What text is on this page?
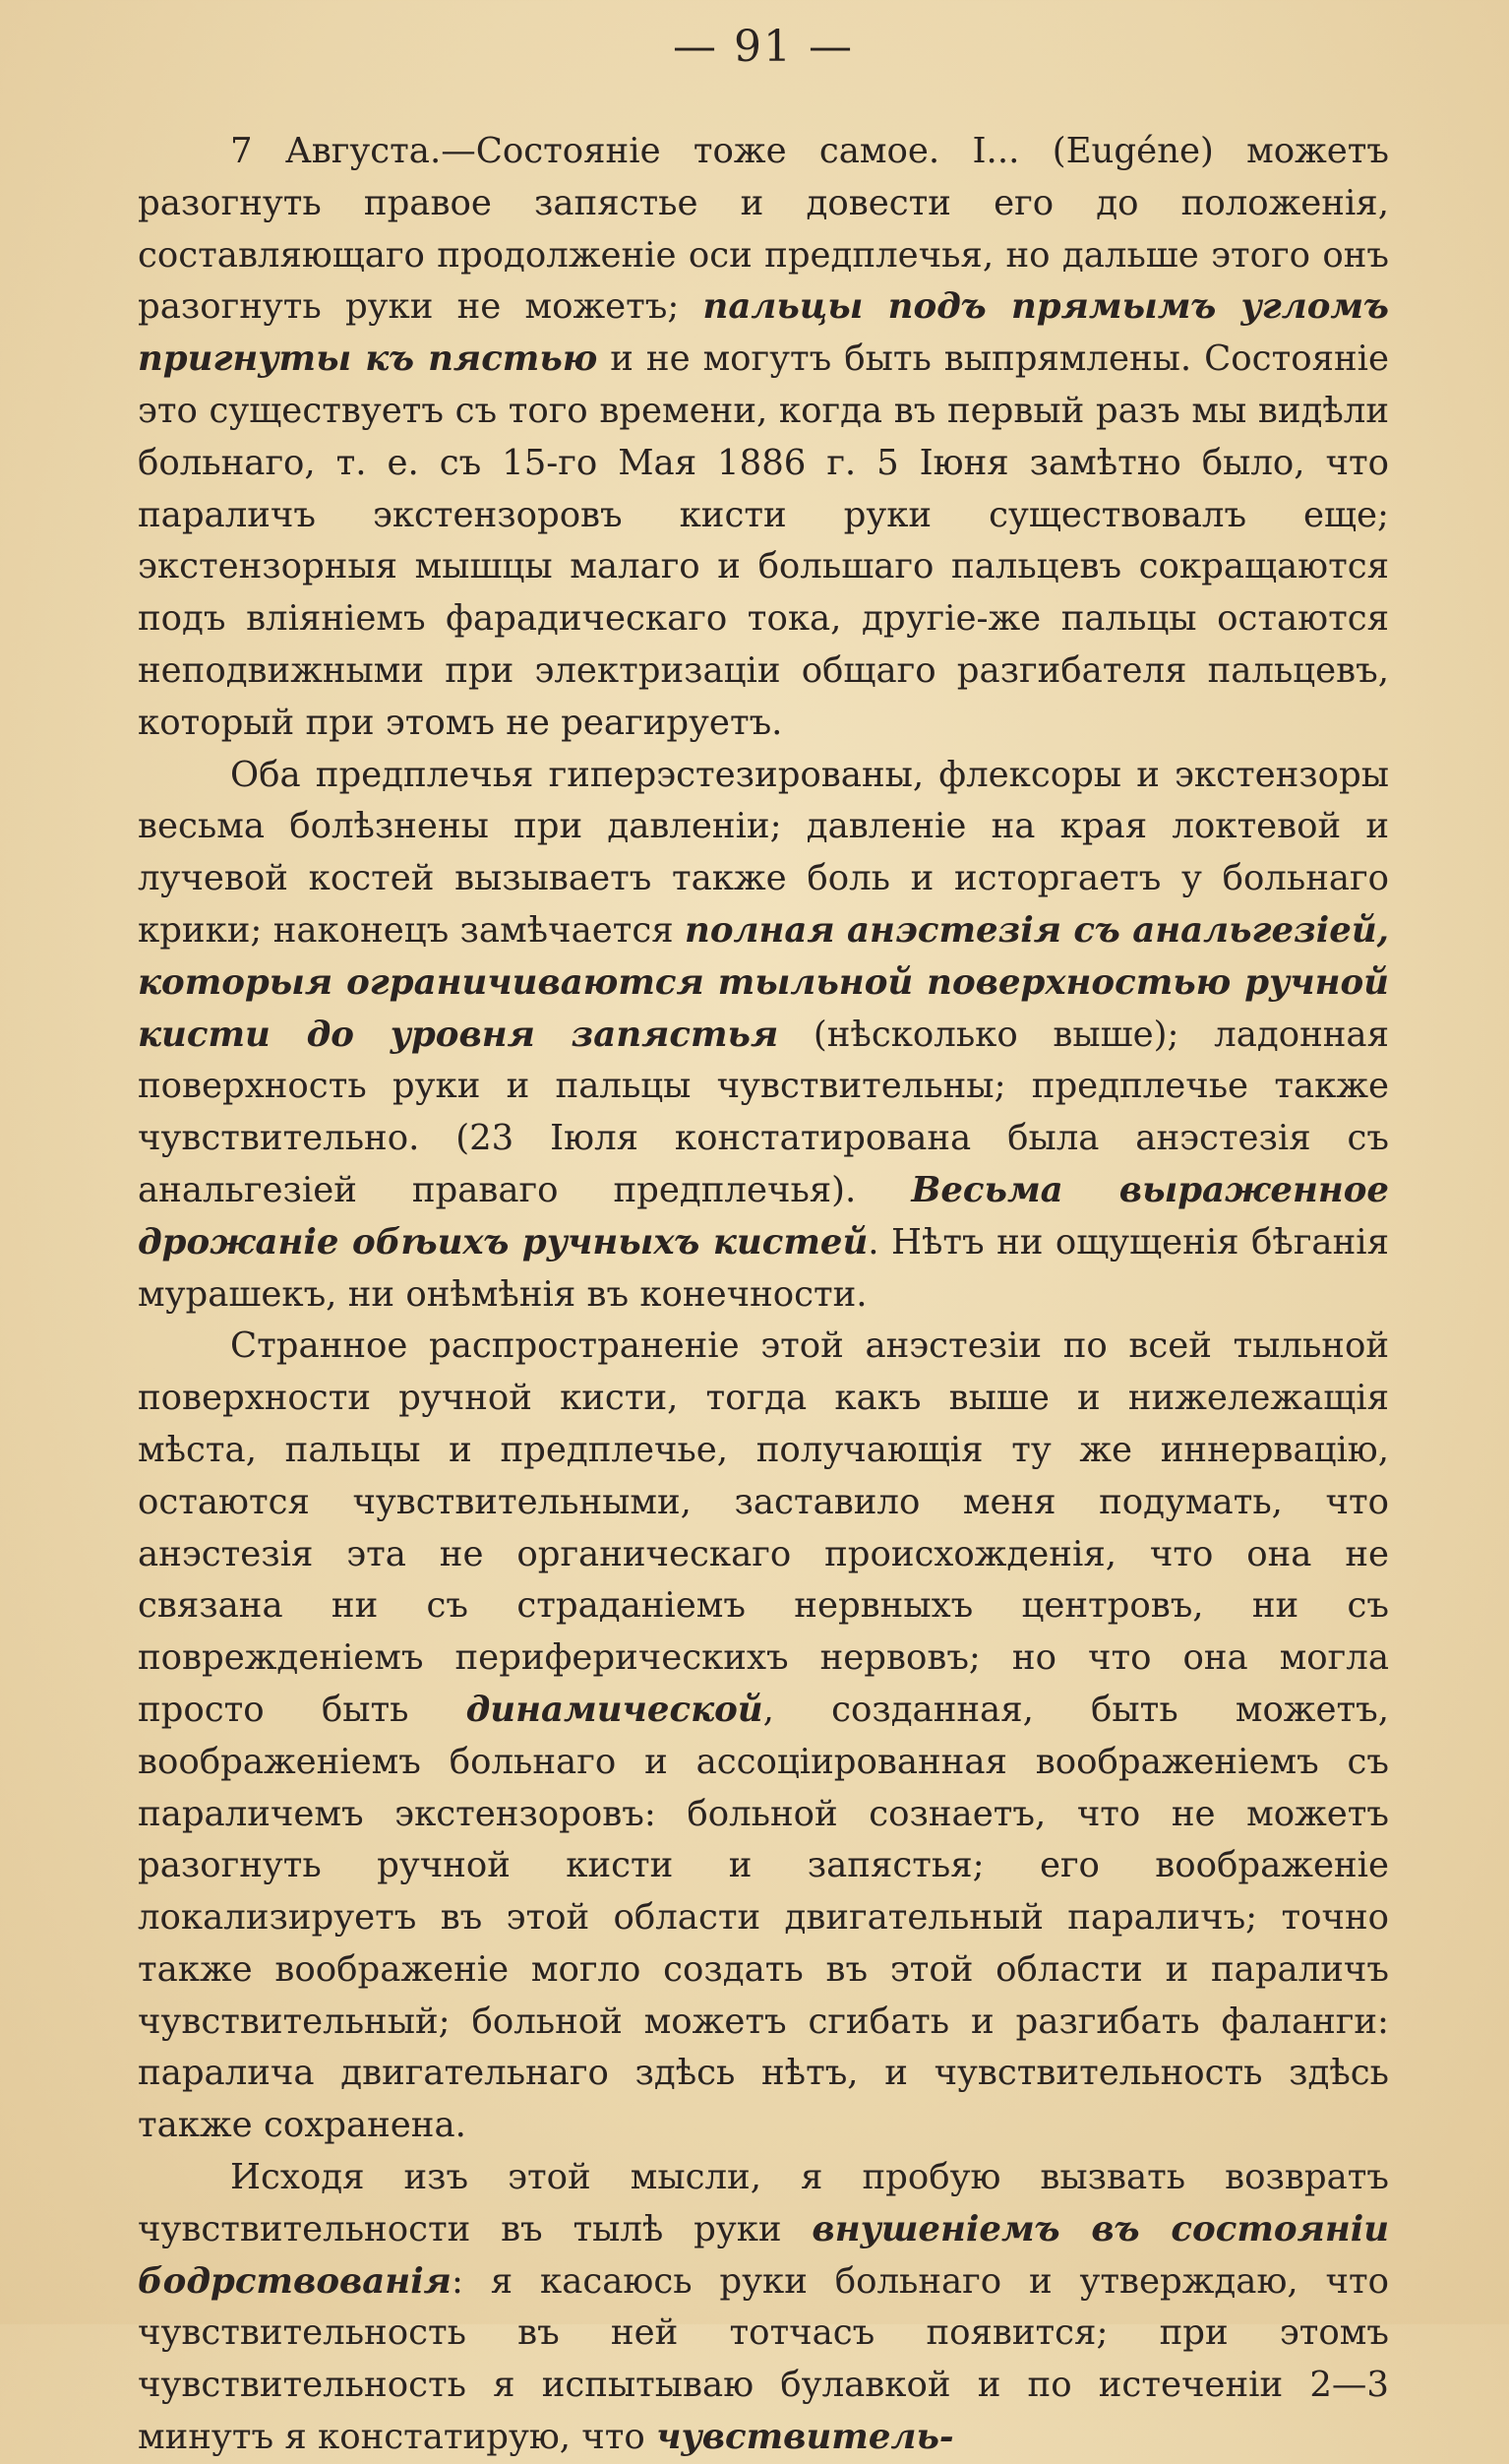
— 91 —

7 Августа.—Состоянiе тоже самое. I... (Eugéne) можетъ разогнуть правое запястье и довести его до положенiя, составляющаго продолженiе оси предплечья, но дальше этого онъ разогнуть руки не можетъ; пальцы подъ прямымъ угломъ пригнуты къ пястью и не могутъ быть выпрямлены. Состоянiе это существуетъ съ того времени, когда въ первый разъ мы видѣли больнаго, т. е. съ 15-го Мая 1886 г. 5 Iюня замѣтно было, что параличъ экстензоровъ кисти руки существовалъ еще; экстензорныя мышцы малаго и большаго пальцевъ сокращаются подъ влiянiемъ фарадическаго тока, другiе-же пальцы остаются неподвижными при электризацiи общаго разгибателя пальцевъ, который при этомъ не реагируетъ.

Оба предплечья гиперэстезированы, флексоры и экстензоры весьма болѣзнены при давленiи; давленiе на края локтевой и лучевой костей вызываетъ также боль и исторгаетъ у больнаго крики; наконецъ замѣчается полная анэстезiя съ анальгезiей, которыя ограничиваются тыльной поверхностью ручной кисти до уровня запястья (нѣсколько выше); ладонная поверхность руки и пальцы чувствительны; предплечье также чувствительно. (23 Iюля констатирована была анэстезiя съ анальгезiей праваго предплечья). Весьма выраженное дрожанiе обѣихъ ручныхъ кистей. Нѣтъ ни ощущенiя бѣганiя мурашекъ, ни онѣмѣнiя въ конечности.

Странное распространенiе этой анэстезiи по всей тыльной поверхности ручной кисти, тогда какъ выше и нижележащiя мѣста, пальцы и предплечье, получающiя ту же иннервацiю, остаются чувствительными, заставило меня подумать, что анэстезiя эта не органическаго происхожденiя, что она не связана ни съ страданiемъ нервныхъ центровъ, ни съ поврежденiемъ периферическихъ нервовъ; но что она могла просто быть динамической, созданная, быть можетъ, воображенiемъ больнаго и ассоцiированная воображенiемъ съ параличемъ экстензоровъ: больной сознаетъ, что не можетъ разогнуть ручной кисти и запястья; его воображенiе локализируетъ въ этой области двигательный параличъ; точно также воображенiе могло создать въ этой области и параличъ чувствительный; больной можетъ сгибать и разгибать фаланги: паралича двигательнаго здѣсь нѣтъ, и чувствительность здѣсь также сохранена.

Исходя изъ этой мысли, я пробую вызвать возвратъ чувствительности въ тылѣ руки внушенiемъ въ состоянiи бодрствованiя: я касаюсь руки больнаго и утверждаю, что чувствительность въ ней тотчасъ появится; при этомъ чувствительность я испытываю булавкой и по истеченiи 2—3 минутъ я констатирую, что чувствитель-
